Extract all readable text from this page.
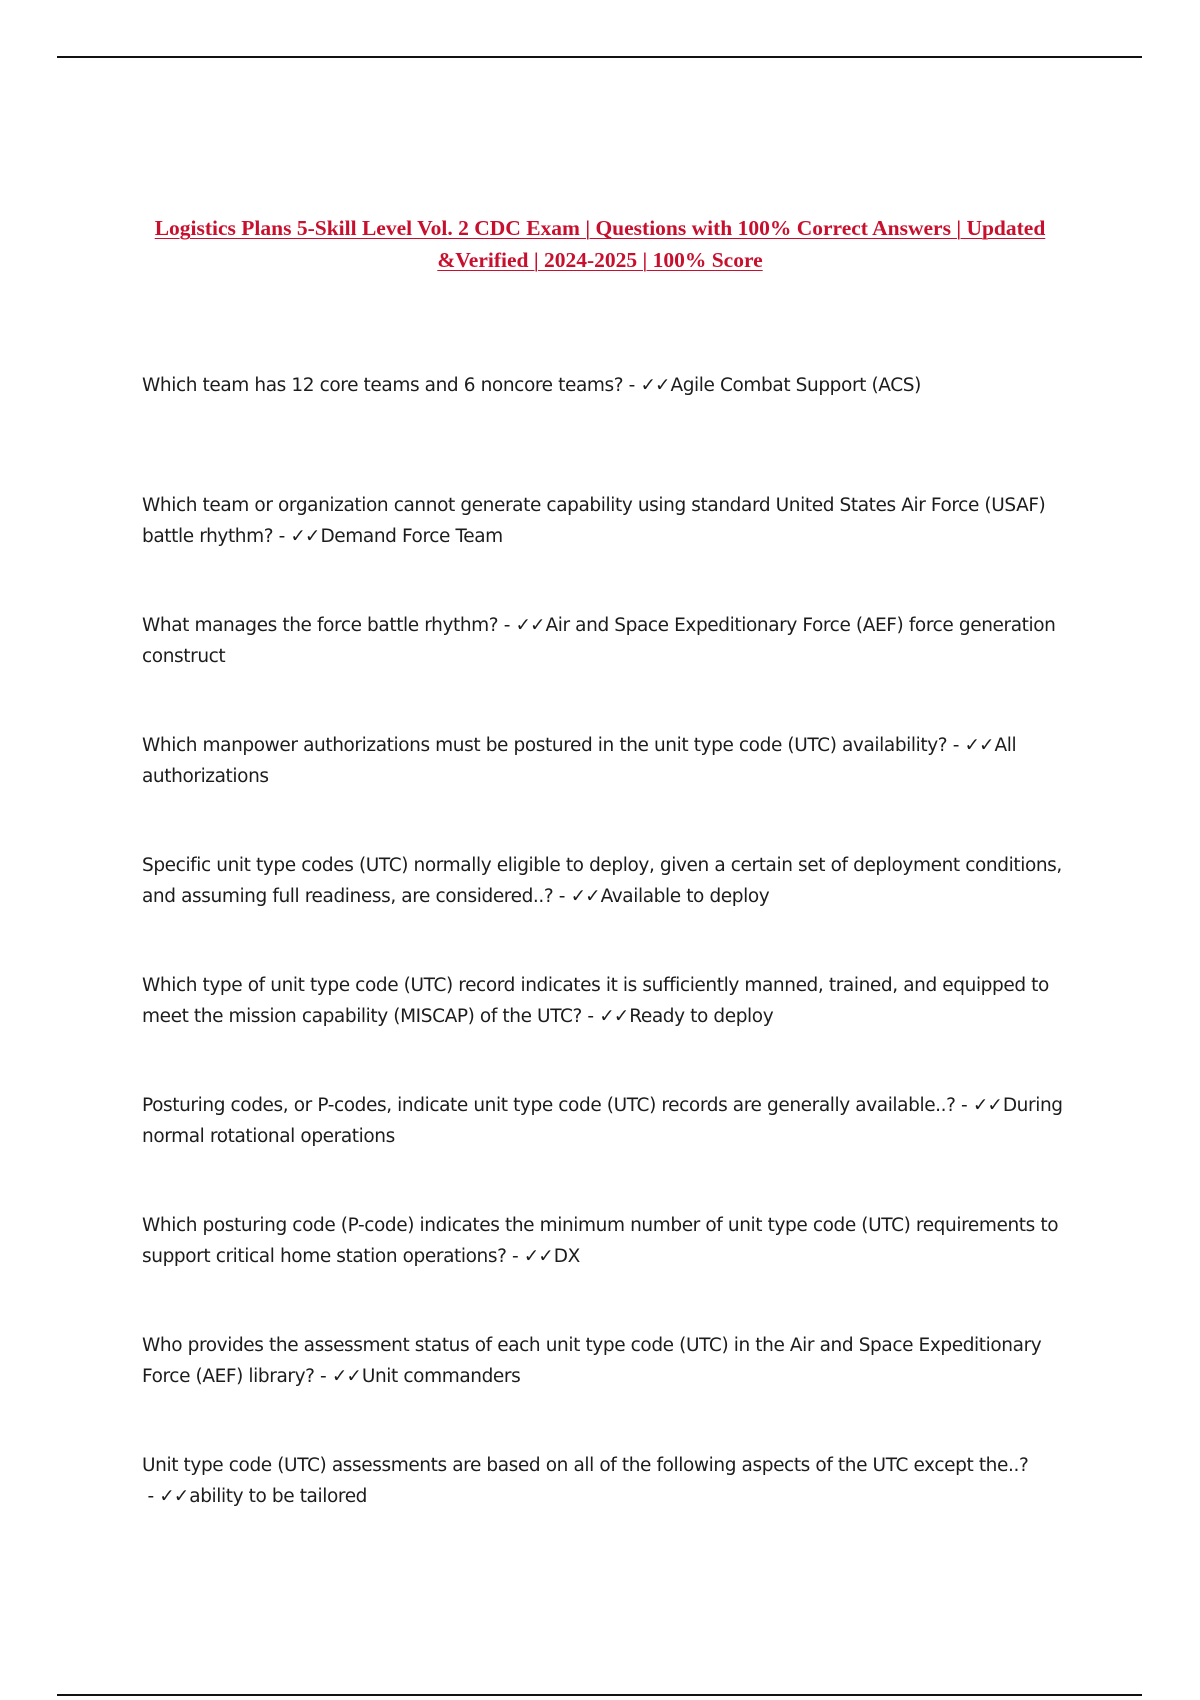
Logistics Plans 5-Skill Level Vol. 2 CDC Exam | Questions with 100% Correct Answers | Updated &Verified | 2024-2025 | 100% Score
Which team has 12 core teams and 6 noncore teams? - ✓✓Agile Combat Support (ACS)
Which team or organization cannot generate capability using standard United States Air Force (USAF) battle rhythm? - ✓✓Demand Force Team
What manages the force battle rhythm? - ✓✓Air and Space Expeditionary Force (AEF) force generation construct
Which manpower authorizations must be postured in the unit type code (UTC) availability? - ✓✓All authorizations
Specific unit type codes (UTC) normally eligible to deploy, given a certain set of deployment conditions, and assuming full readiness, are considered..? - ✓✓Available to deploy
Which type of unit type code (UTC) record indicates it is sufficiently manned, trained, and equipped to meet the mission capability (MISCAP) of the UTC? - ✓✓Ready to deploy
Posturing codes, or P-codes, indicate unit type code (UTC) records are generally available..? - ✓✓During normal rotational operations
Which posturing code (P-code) indicates the minimum number of unit type code (UTC) requirements to support critical home station operations? - ✓✓DX
Who provides the assessment status of each unit type code (UTC) in the Air and Space Expeditionary Force (AEF) library? - ✓✓Unit commanders
Unit type code (UTC) assessments are based on all of the following aspects of the UTC except the..? - ✓✓ability to be tailored
